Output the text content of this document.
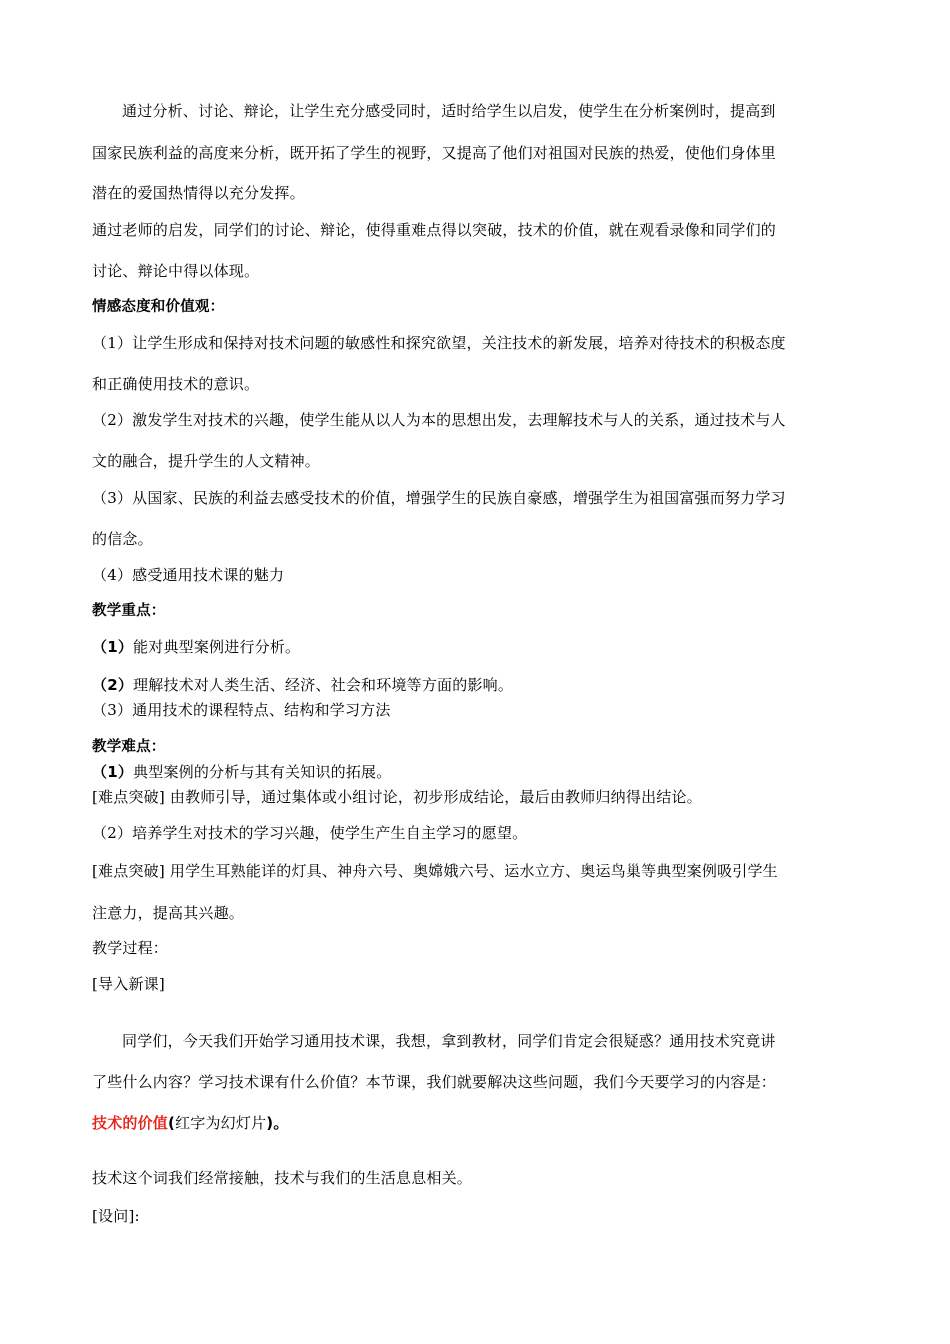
通过分析、讨论、辩论，让学生充分感受同时，适时给学生以启发，使学生在分析案例时，提高到
国家民族利益的高度来分析，既开拓了学生的视野，又提高了他们对祖国对民族的热爱，使他们身体里
潜在的爱国热情得以充分发挥。
通过老师的启发，同学们的讨论、辩论，使得重难点得以突破，技术的价值，就在观看录像和同学们的
讨论、辩论中得以体现。
情感态度和价值观：
（1）让学生形成和保持对技术问题的敏感性和探究欲望，关注技术的新发展，培养对待技术的积极态度
和正确使用技术的意识。
（2）激发学生对技术的兴趣，使学生能从以人为本的思想出发，去理解技术与人的关系，通过技术与人
文的融合，提升学生的人文精神。
（3）从国家、民族的利益去感受技术的价值，增强学生的民族自豪感，增强学生为祖国富强而努力学习
的信念。
（4）感受通用技术课的魅力
教学重点：
（1）能对典型案例进行分析。
（2）理解技术对人类生活、经济、社会和环境等方面的影响。
（3）通用技术的课程特点、结构和学习方法
教学难点：
（1）典型案例的分析与其有关知识的拓展。
[难点突破] 由教师引导，通过集体或小组讨论，初步形成结论，最后由教师归纳得出结论。
（2）培养学生对技术的学习兴趣，使学生产生自主学习的愿望。
[难点突破] 用学生耳熟能详的灯具、神舟六号、奥嫦娥六号、运水立方、奥运鸟巢等典型案例吸引学生
注意力，提高其兴趣。
教学过程：
[导入新课]
同学们，今天我们开始学习通用技术课，我想，拿到教材，同学们肯定会很疑惑？通用技术究竟讲
了些什么内容？学习技术课有什么价值？本节课，我们就要解决这些问题，我们今天要学习的内容是：
技术的价值(红字为幻灯片)。
技术这个词我们经常接触，技术与我们的生活息息相关。
[设问]:
